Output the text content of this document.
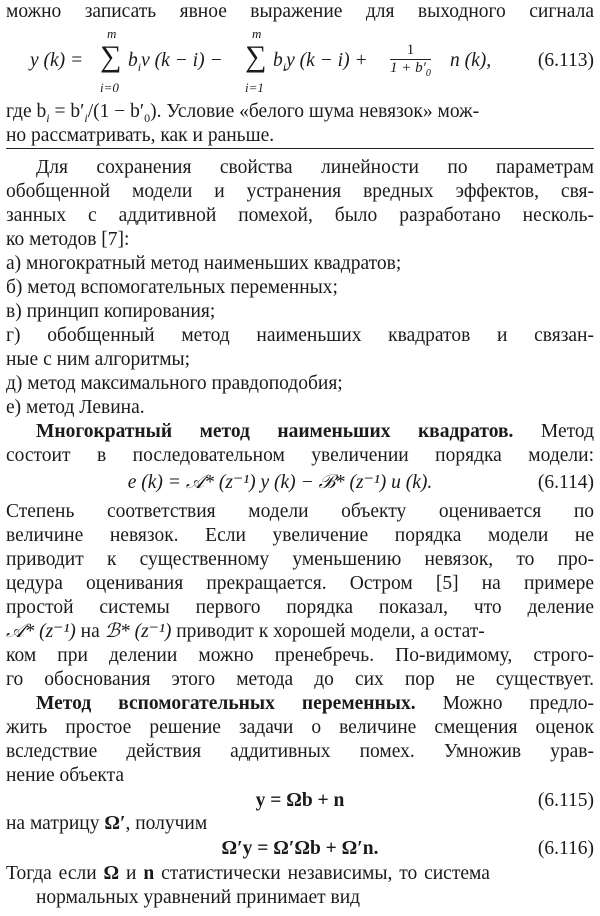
можно записать явное выражение для выходного сигнала
y (k) = ∑
m
i=0
$b_iv$ (k − i) − ∑
m
i=1
$b_iy$ $(k - i) + \frac{1}{1 + b'_0}$ n (k), (6.113)
где $b_i = b'_i/(1 - b'_0)$. Условие «белого шума невязок» мож-
но рассматривать, как и раньше.
Для сохранения свойства линейности по параметрам
обобщенной модели и устранения вредных эффектов, свя-
занных с аддитивной помехой, было разработано несколь-
ко методов [7]:
а) многократный метод наименьших квадратов;
б) метод вспомогательных переменных;
в) принцип копирования;
г) обобщенный метод наименьших квадратов и связан-
ные с ним алгоритмы;
д) метод максимального правдоподобия;
е) метод Левина.
Многократный метод наименьших квадратов. Метод
состоит в последовательном увеличении порядка модели:
e (k) = 𝒜* (z⁻¹) y (k) − ℬ* (z⁻¹) u (k).	(6.114)
Степень соответствия модели объекту оценивается по
величине невязок. Если увеличение порядка модели не
приводит к существенному уменьшению невязок, то про-
цедура оценивания прекращается. Остром [5] на примере
простой системы первого порядка показал, что деление
𝒜* (z⁻¹) на ℬ* (z⁻¹) приводит к хорошей модели, а остат-
ком при делении можно пренебречь. По-видимому, строго-
го обоснования этого метода до сих пор не существует.
Метод вспомогательных переменных. Можно предло-
жить простое решение задачи о величине смещения оценок
вследствие действия аддитивных помех. Умножив урав-
нение объекта
y = Ωb + n	(6.115)
на матрицу Ω′, получим
Ω′y = Ω′Ωb + Ω′n.	(6.116)
Тогда если Ω и n статистически независимы, то система
нормальных уравнений принимает вид
